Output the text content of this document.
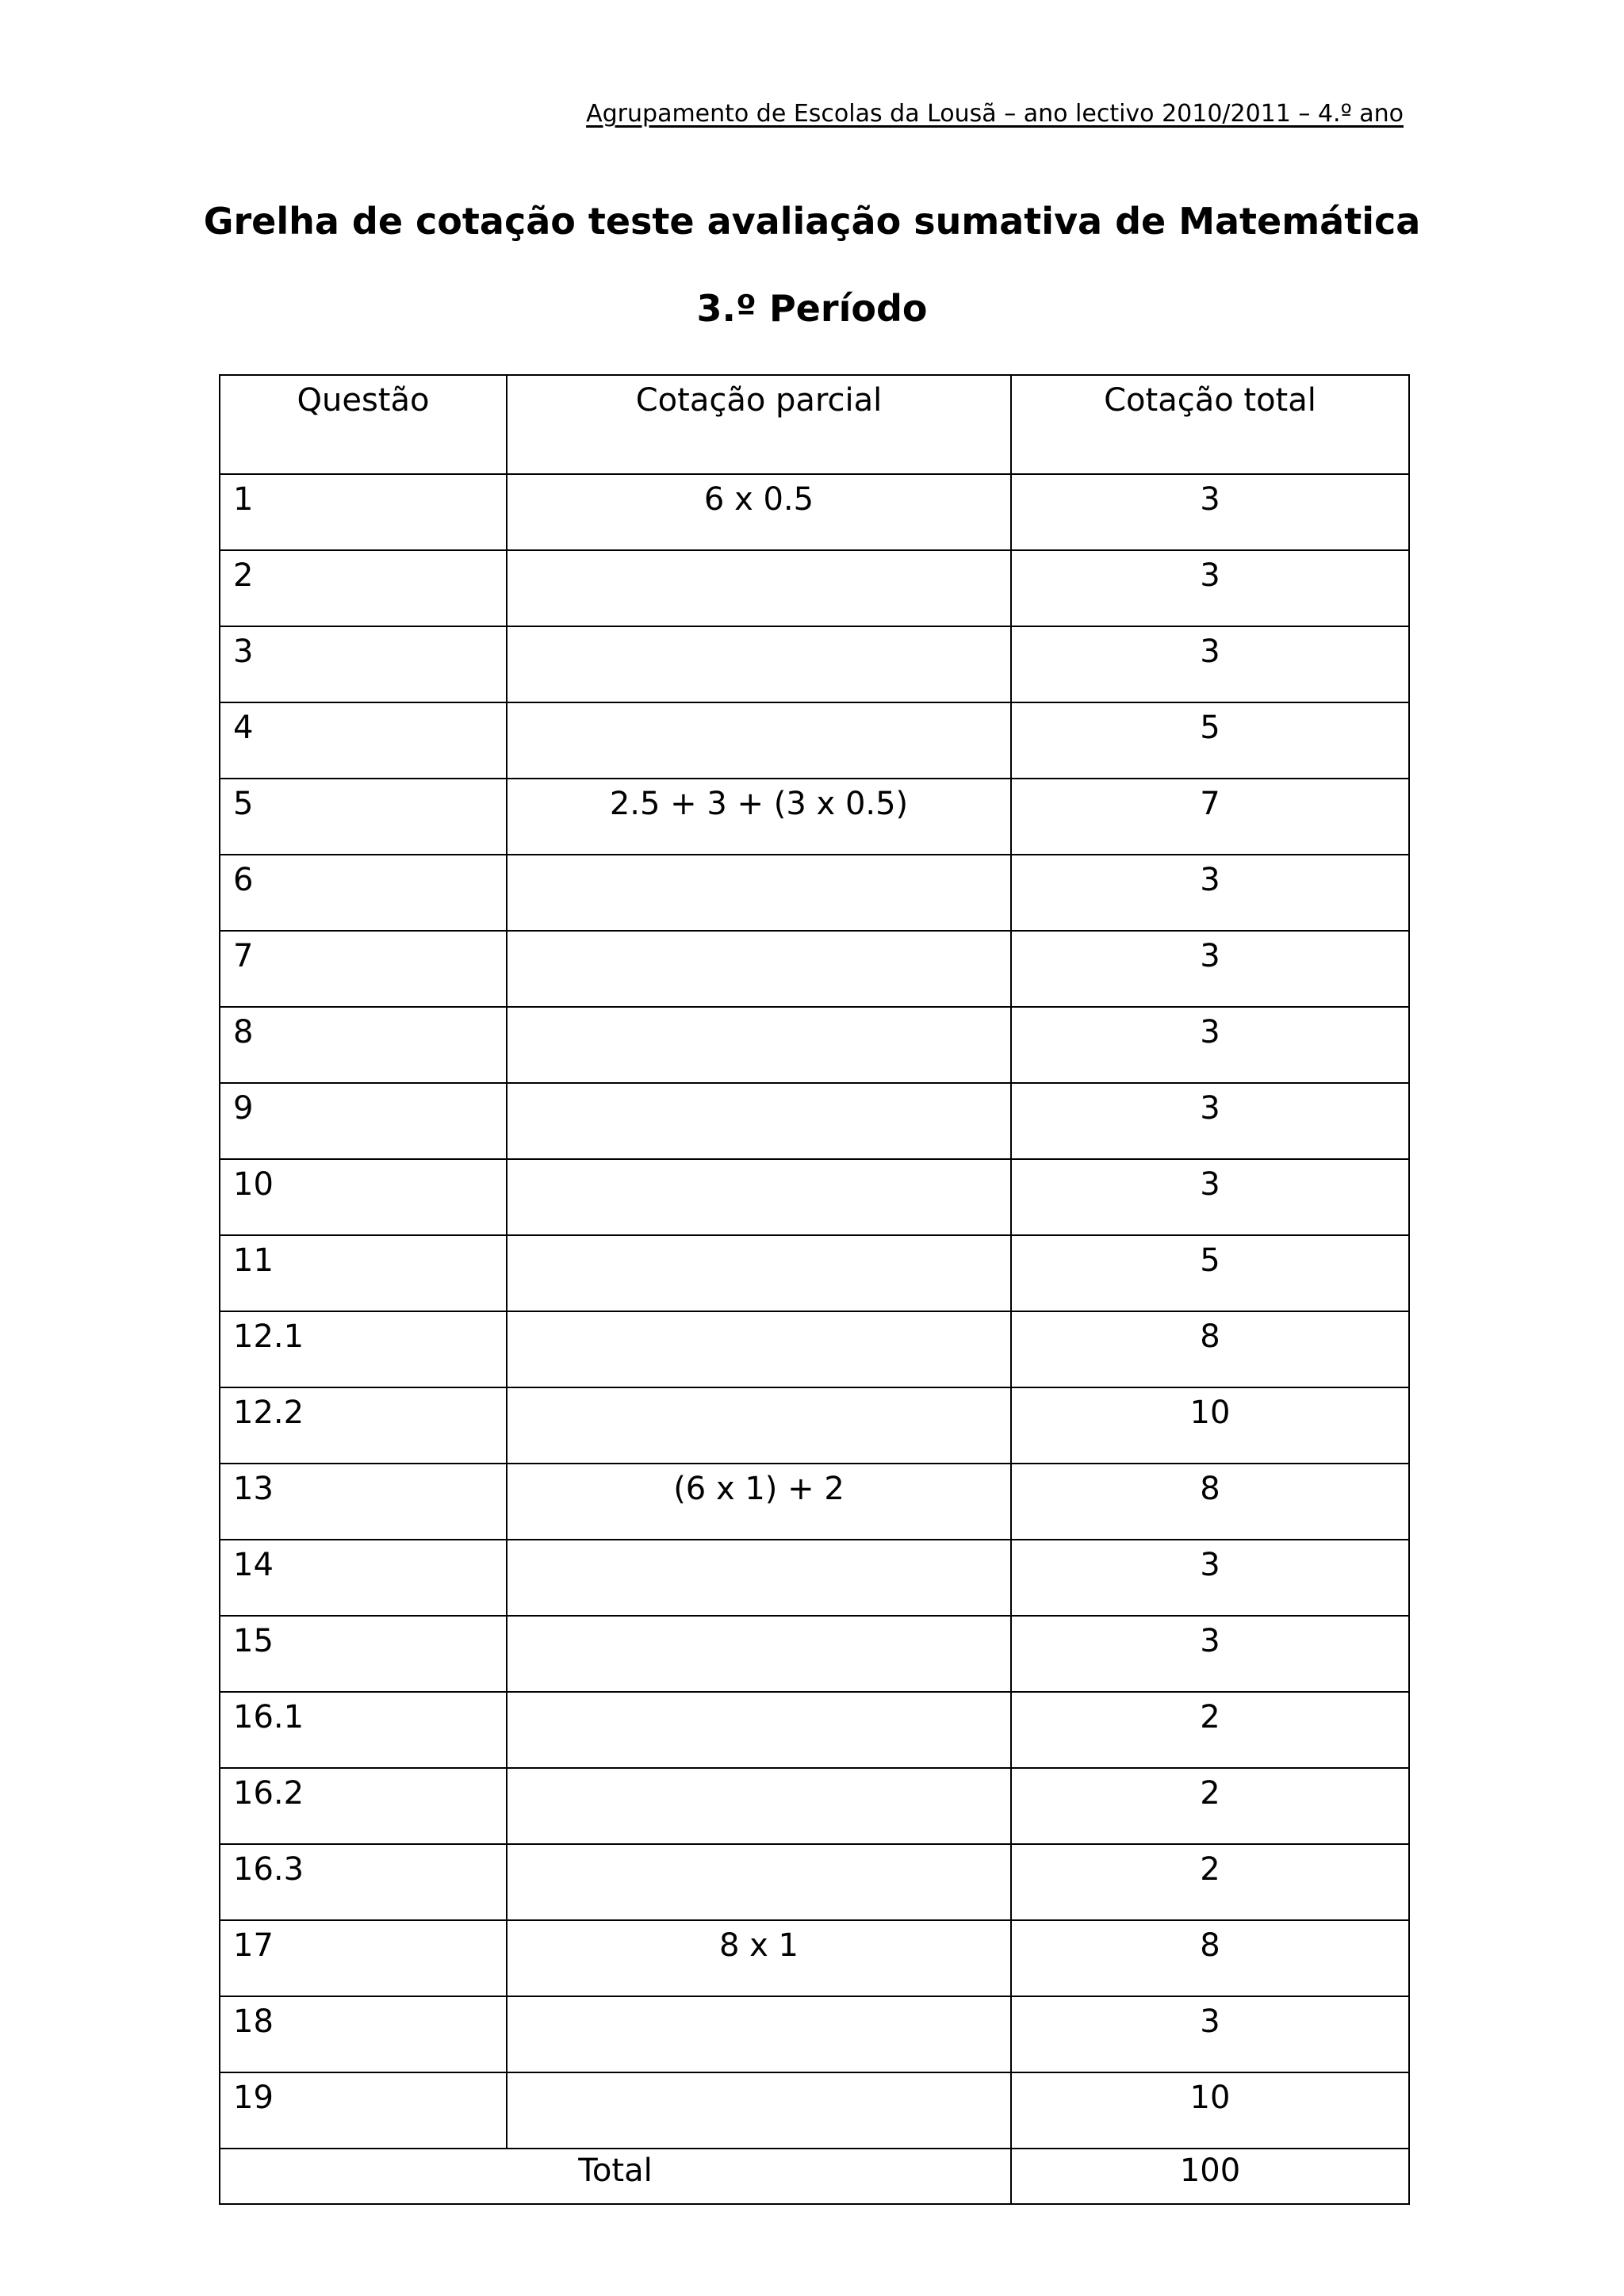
Agrupamento de Escolas da Lousã – ano lectivo 2010/2011 – 4.º ano
Grelha de cotação teste avaliação sumativa de Matemática
3.º Período
Questão	Cotação parcial	Cotação total
1	6 x 0.5	3
2		3
3		3
4		5
5	2.5 + 3 + (3 x 0.5)	7
6		3
7		3
8		3
9		3
10		3
11		5
12.1		8
12.2		10
13	(6 x 1) + 2	8
14		3
15		3
16.1		2
16.2		2
16.3		2
17	8 x 1	8
18		3
19		10
Total		100
